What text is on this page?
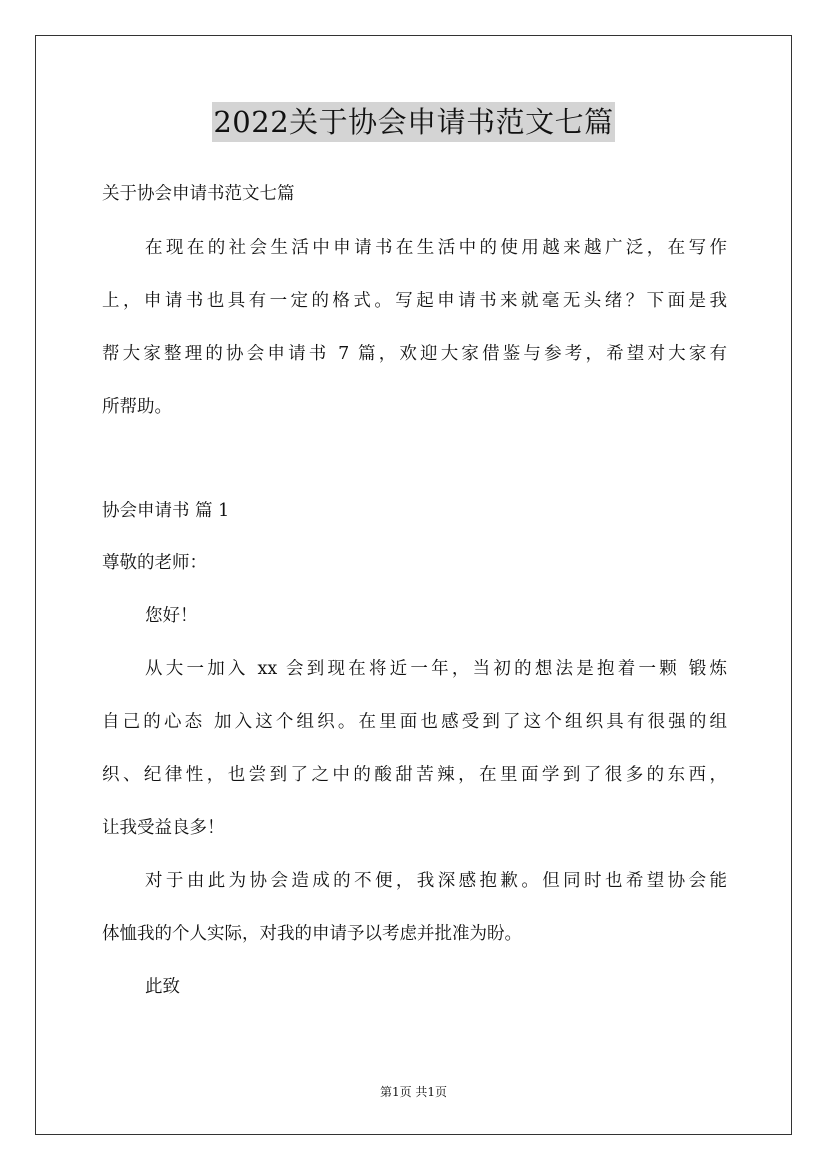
2022关于协会申请书范文七篇
关于协会申请书范文七篇
在现在的社会生活中申请书在生活中的使用越来越广泛，在写作
上，申请书也具有一定的格式。写起申请书来就毫无头绪？下面是我
帮大家整理的协会申请书 7 篇，欢迎大家借鉴与参考，希望对大家有
所帮助。
协会申请书 篇 1
尊敬的老师：
您好！
从大一加入 xx 会到现在将近一年，当初的想法是抱着一颗 锻炼
自己的心态 加入这个组织。在里面也感受到了这个组织具有很强的组
织、纪律性，也尝到了之中的酸甜苦辣，在里面学到了很多的东西，
让我受益良多！
对于由此为协会造成的不便，我深感抱歉。但同时也希望协会能
体恤我的个人实际，对我的申请予以考虑并批准为盼。
此致
第1页 共1页
